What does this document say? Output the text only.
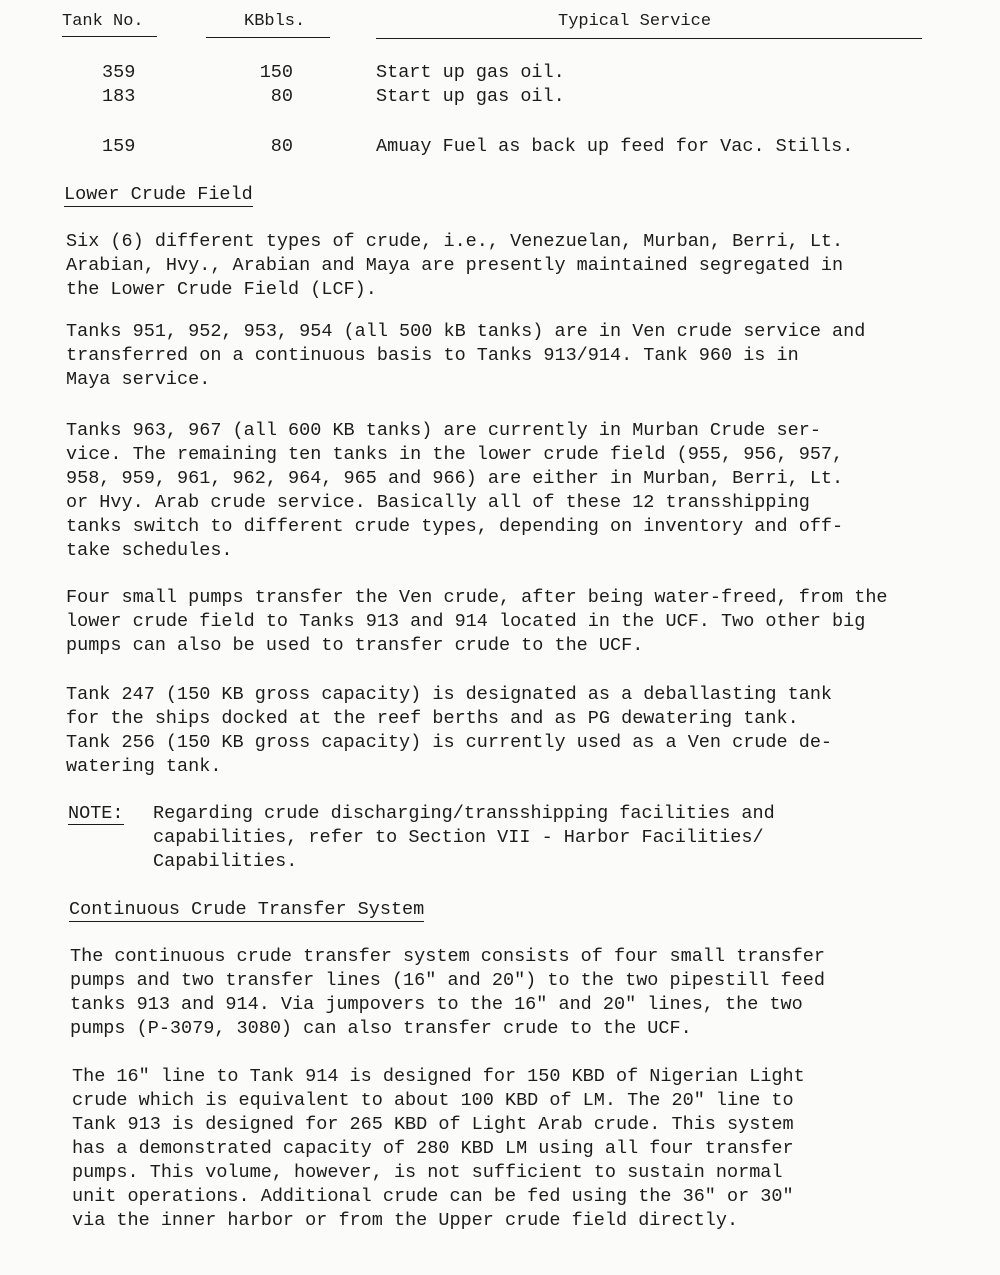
Tank No.	KBbls.	Typical Service
359	150	Start up gas oil.
183	80	Start up gas oil.
159	80	Amuay Fuel as back up feed for Vac. Stills.
Lower Crude Field
Six (6) different types of crude, i.e., Venezuelan, Murban, Berri, Lt.
Arabian, Hvy., Arabian and Maya are presently maintained segregated in
the Lower Crude Field (LCF).
Tanks 951, 952, 953, 954 (all 500 kB tanks) are in Ven crude service and
transferred on a continuous basis to Tanks 913/914. Tank 960 is in
Maya service.
Tanks 963, 967 (all 600 KB tanks) are currently in Murban Crude ser-
vice. The remaining ten tanks in the lower crude field (955, 956, 957,
958, 959, 961, 962, 964, 965 and 966) are either in Murban, Berri, Lt.
or Hvy. Arab crude service. Basically all of these 12 transshipping
tanks switch to different crude types, depending on inventory and off-
take schedules.
Four small pumps transfer the Ven crude, after being water-freed, from the
lower crude field to Tanks 913 and 914 located in the UCF. Two other big
pumps can also be used to transfer crude to the UCF.
Tank 247 (150 KB gross capacity) is designated as a deballasting tank
for the ships docked at the reef berths and as PG dewatering tank.
Tank 256 (150 KB gross capacity) is currently used as a Ven crude de-
watering tank.
NOTE: Regarding crude discharging/transshipping facilities and
capabilities, refer to Section VII - Harbor Facilities/
Capabilities.
Continuous Crude Transfer System
The continuous crude transfer system consists of four small transfer
pumps and two transfer lines (16" and 20") to the two pipestill feed
tanks 913 and 914. Via jumpovers to the 16" and 20" lines, the two
pumps (P-3079, 3080) can also transfer crude to the UCF.
The 16" line to Tank 914 is designed for 150 KBD of Nigerian Light
crude which is equivalent to about 100 KBD of LM. The 20" line to
Tank 913 is designed for 265 KBD of Light Arab crude. This system
has a demonstrated capacity of 280 KBD LM using all four transfer
pumps. This volume, however, is not sufficient to sustain normal
unit operations. Additional crude can be fed using the 36" or 30"
via the inner harbor or from the Upper crude field directly.
